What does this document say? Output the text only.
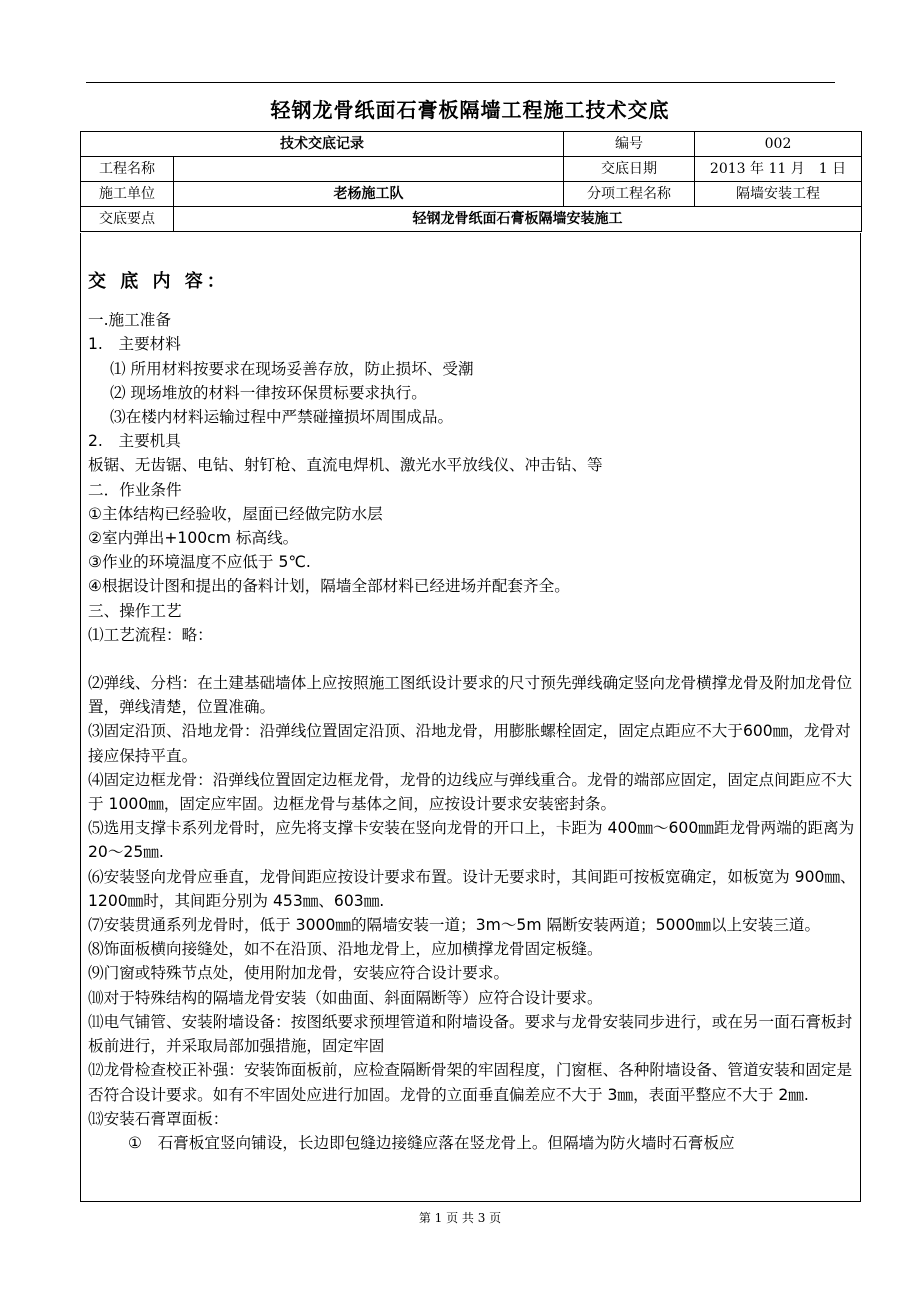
轻钢龙骨纸面石膏板隔墙工程施工技术交底
技术交底记录		编号	002
工程名称		交底日期	2013 年 11 月　1 日
施工单位	老杨施工队	分项工程名称	隔墙安装工程
交底要点	轻钢龙骨纸面石膏板隔墙安装施工		

交 底 内 容：

一.施工准备

1.　主要材料

⑴ 所用材料按要求在现场妥善存放，防止损坏、受潮

⑵ 现场堆放的材料一律按环保贯标要求执行。

⑶在楼内材料运输过程中严禁碰撞损坏周围成品。

2.　主要机具

板锯、无齿锯、电钻、射钉枪、直流电焊机、激光水平放线仪、冲击钻、等

二．作业条件

①主体结构已经验收，屋面已经做完防水层

②室内弹出+100cm 标高线。

③作业的环境温度不应低于 5℃.

④根据设计图和提出的备料计划，隔墙全部材料已经进场并配套齐全。

三、操作工艺

⑴工艺流程：略：

⑵弹线、分档：在土建基础墙体上应按照施工图纸设计要求的尺寸预先弹线确定竖向龙骨横撑龙骨及附加龙骨位置，弹线清楚，位置准确。

⑶固定沿顶、沿地龙骨：沿弹线位置固定沿顶、沿地龙骨，用膨胀螺栓固定，固定点距应不大于600㎜，龙骨对接应保持平直。

⑷固定边框龙骨：沿弹线位置固定边框龙骨，龙骨的边线应与弹线重合。龙骨的端部应固定，固定点间距应不大于 1000㎜，固定应牢固。边框龙骨与基体之间，应按设计要求安装密封条。

⑸选用支撑卡系列龙骨时，应先将支撑卡安装在竖向龙骨的开口上，卡距为 400㎜～600㎜距龙骨两端的距离为 20～25㎜.

⑹安装竖向龙骨应垂直，龙骨间距应按设计要求布置。设计无要求时，其间距可按板宽确定，如板宽为 900㎜、1200㎜时，其间距分别为 453㎜、603㎜.

⑺安装贯通系列龙骨时，低于 3000㎜的隔墙安装一道；3m～5m 隔断安装两道；5000㎜以上安装三道。

⑻饰面板横向接缝处，如不在沿顶、沿地龙骨上，应加横撑龙骨固定板缝。

⑼门窗或特殊节点处，使用附加龙骨，安装应符合设计要求。

⑽对于特殊结构的隔墙龙骨安装（如曲面、斜面隔断等）应符合设计要求。

⑾电气铺管、安装附墙设备：按图纸要求预埋管道和附墙设备。要求与龙骨安装同步进行，或在另一面石膏板封板前进行，并采取局部加强措施，固定牢固

⑿龙骨检查校正补强：安装饰面板前，应检查隔断骨架的牢固程度，门窗框、各种附墙设备、管道安装和固定是否符合设计要求。如有不牢固处应进行加固。龙骨的立面垂直偏差应不大于 3㎜，表面平整应不大于 2㎜.

⒀安装石膏罩面板：

①　石膏板宜竖向铺设，长边即包缝边接缝应落在竖龙骨上。但隔墙为防火墙时石膏板应

第 1 页 共 3 页
